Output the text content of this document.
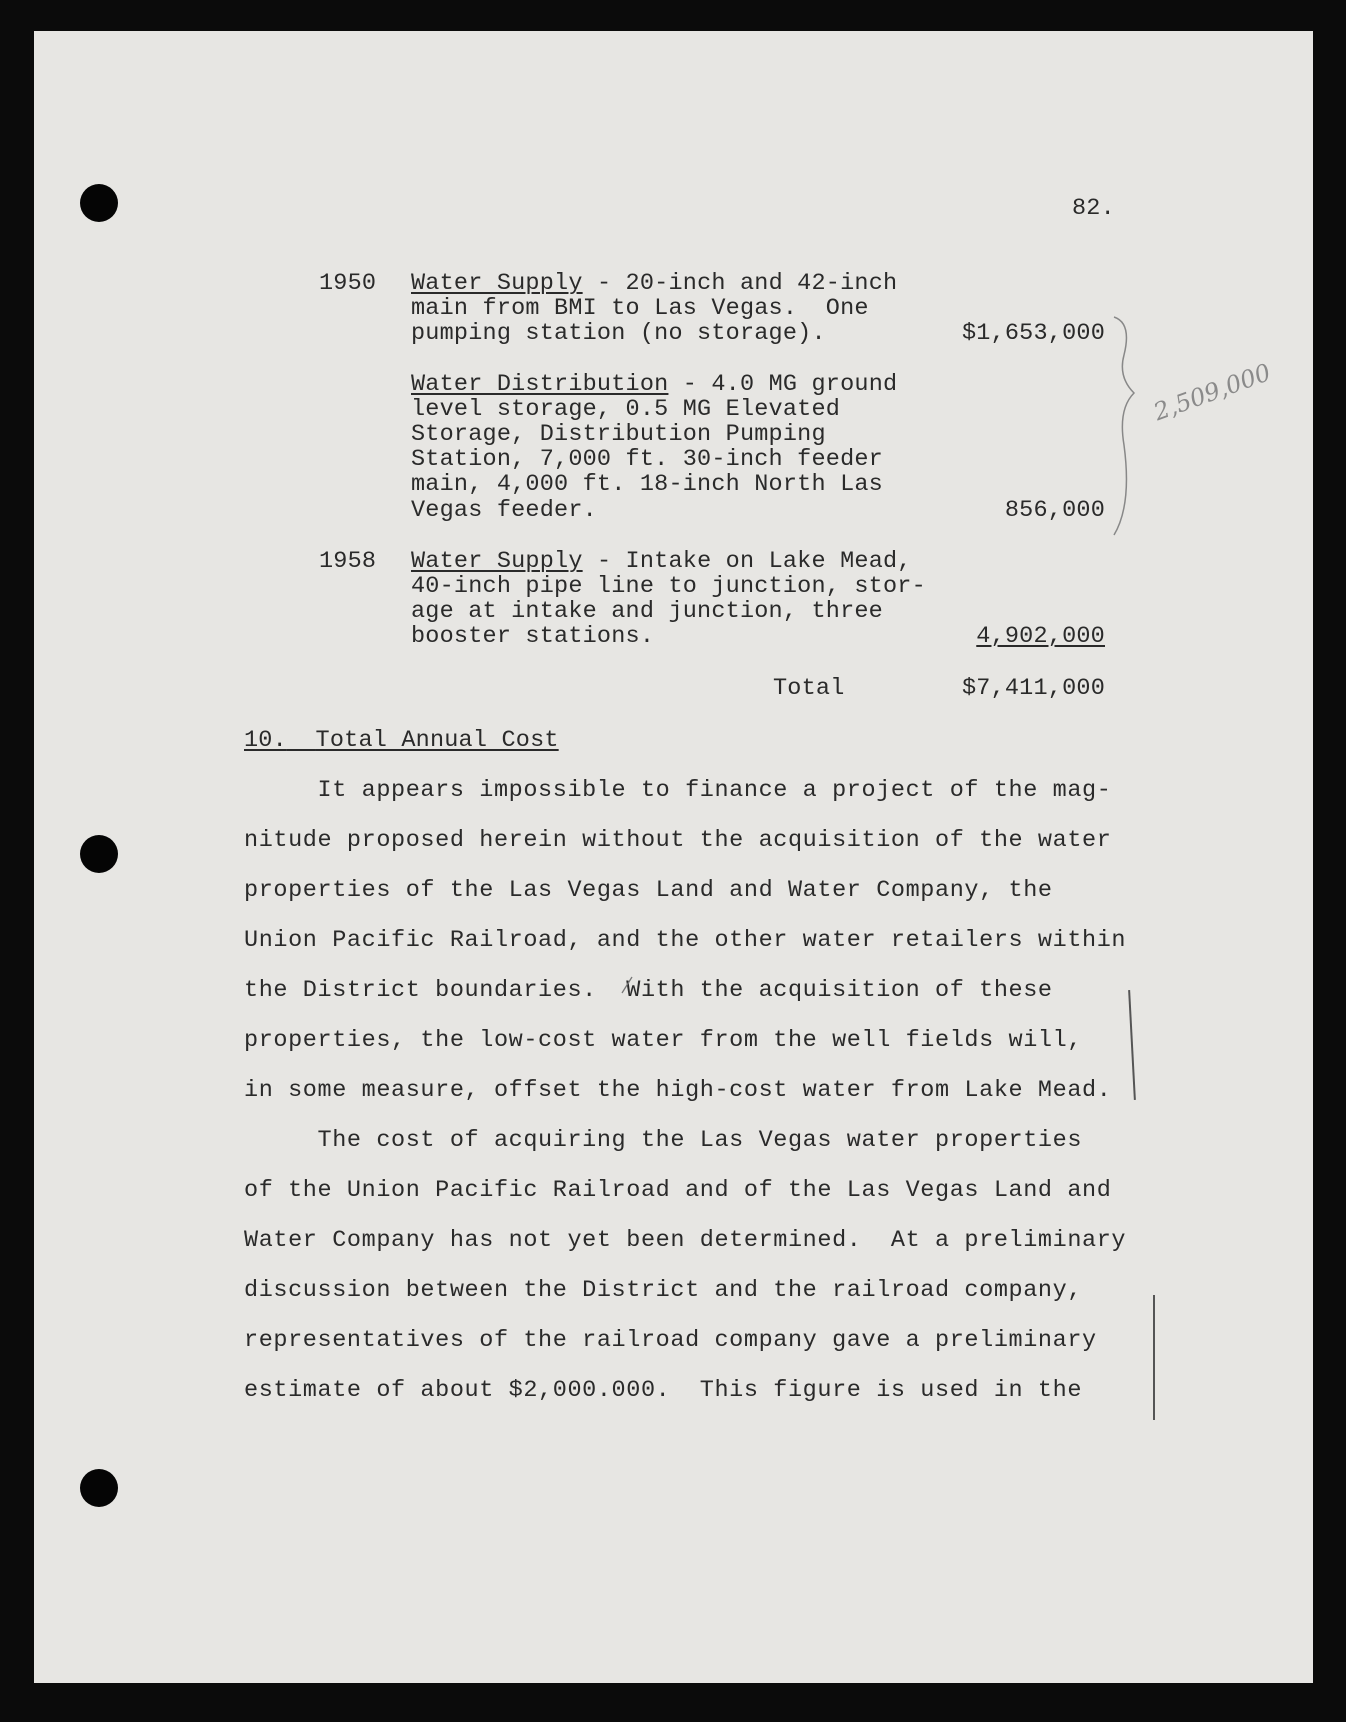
82.
1950 Water Supply - 20-inch and 42-inch
main from BMI to Las Vegas.  One
pumping station (no storage).	$1,653,000
Water Distribution - 4.0 MG ground
level storage, 0.5 MG Elevated
Storage, Distribution Pumping
Station, 7,000 ft. 30-inch feeder
main, 4,000 ft. 18-inch North Las
Vegas feeder.	856,000
1958 Water Supply - Intake on Lake Mead,
40-inch pipe line to junction, stor-
age at intake and junction, three
booster stations.	4,902,000
Total	$7,411,000
2,509,000
10. Total Annual Cost
It appears impossible to finance a project of the mag-
nitude proposed herein without the acquisition of the water
properties of the Las Vegas Land and Water Company, the
Union Pacific Railroad, and the other water retailers within
the District boundaries.  With the acquisition of these
properties, the low-cost water from the well fields will,
in some measure, offset the high-cost water from Lake Mead.
The cost of acquiring the Las Vegas water properties
of the Union Pacific Railroad and of the Las Vegas Land and
Water Company has not yet been determined.  At a preliminary
discussion between the District and the railroad company,
representatives of the railroad company gave a preliminary
estimate of about $2,000.000.  This figure is used in the
